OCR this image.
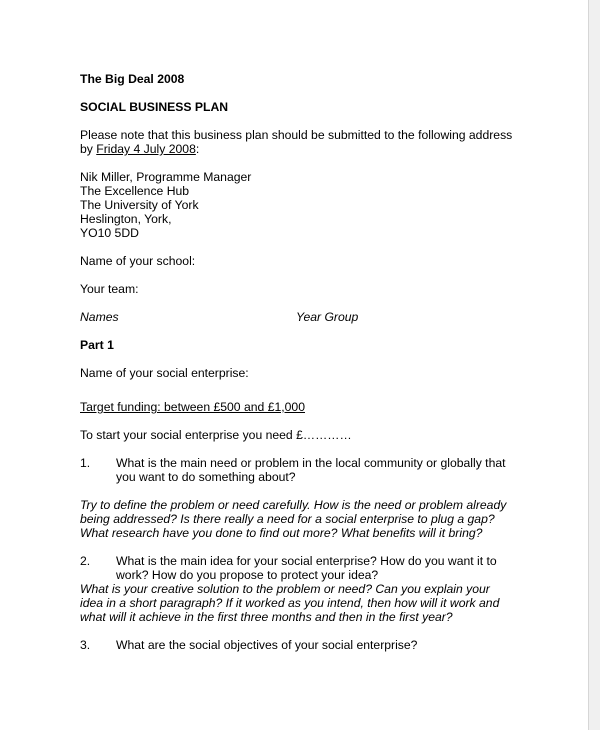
The Big Deal 2008

SOCIAL BUSINESS PLAN

Please note that this business plan should be submitted to the following address

by Friday 4 July 2008:

Nik Miller, Programme Manager

The Excellence Hub

The University of York

Heslington, York,

YO10 5DD

Name of your school:

Your team:

Names	Year Group

Part 1

Name of your social enterprise:

Target funding: between £500 and £1,000

To start your social enterprise you need £…………

1.	What is the main need or problem in the local community or globally that

you want to do something about?

Try to define the problem or need carefully. How is the need or problem already

being addressed? Is there really a need for a social enterprise to plug a gap?

What research have you done to find out more? What benefits will it bring?

2.	What is the main idea for your social enterprise? How do you want it to

work? How do you propose to protect your idea?

What is your creative solution to the problem or need? Can you explain your

idea in a short paragraph? If it worked as you intend, then how will it work and

what will it achieve in the first three months and then in the first year?

3.	What are the social objectives of your social enterprise?
